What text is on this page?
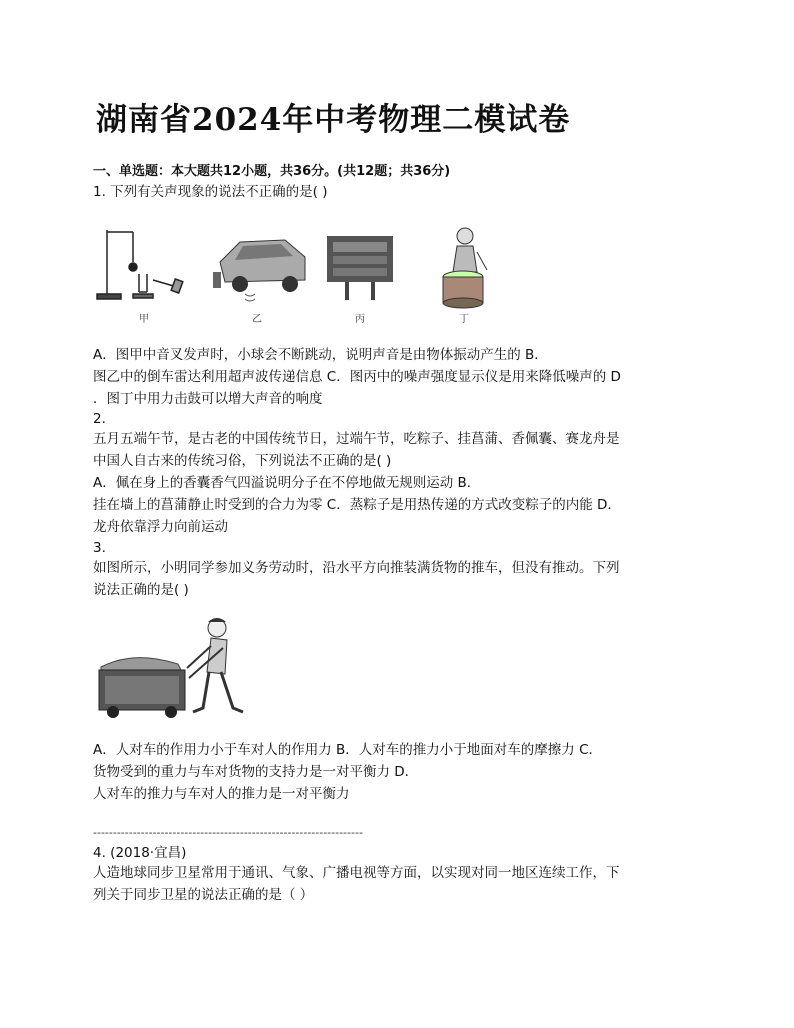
湖南省2024年中考物理二模试卷
一、单选题：本大题共12小题，共36分。(共12题；共36分)
1. 下列有关声现象的说法不正确的是( )
甲	乙	丙	丁
A．图甲中音叉发声时，小球会不断跳动，说明声音是由物体振动产生的 B．
图乙中的倒车雷达利用超声波传递信息 C．图丙中的噪声强度显示仪是用来降低噪声的 D
．图丁中用力击鼓可以增大声音的响度
2.
五月五端午节，是古老的中国传统节日，过端午节，吃粽子、挂菖蒲、香佩囊、赛龙舟是
中国人自古来的传统习俗，下列说法不正确的是( )
A．佩在身上的香囊香气四溢说明分子在不停地做无规则运动 B．
挂在墙上的菖蒲静止时受到的合力为零 C．蒸粽子是用热传递的方式改变粽子的内能 D．
龙舟依靠浮力向前运动
3.
如图所示，小明同学参加义务劳动时，沿水平方向推装满货物的推车，但没有推动。下列
说法正确的是( )
A．人对车的作用力小于车对人的作用力 B．人对车的推力小于地面对车的摩擦力 C．
货物受到的重力与车对货物的支持力是一对平衡力 D．
人对车的推力与车对人的推力是一对平衡力
--------------------------------------------------------------------
4. (2018·宜昌)
人造地球同步卫星常用于通讯、气象、广播电视等方面，以实现对同一地区连续工作，下
列关于同步卫星的说法正确的是（ ）
